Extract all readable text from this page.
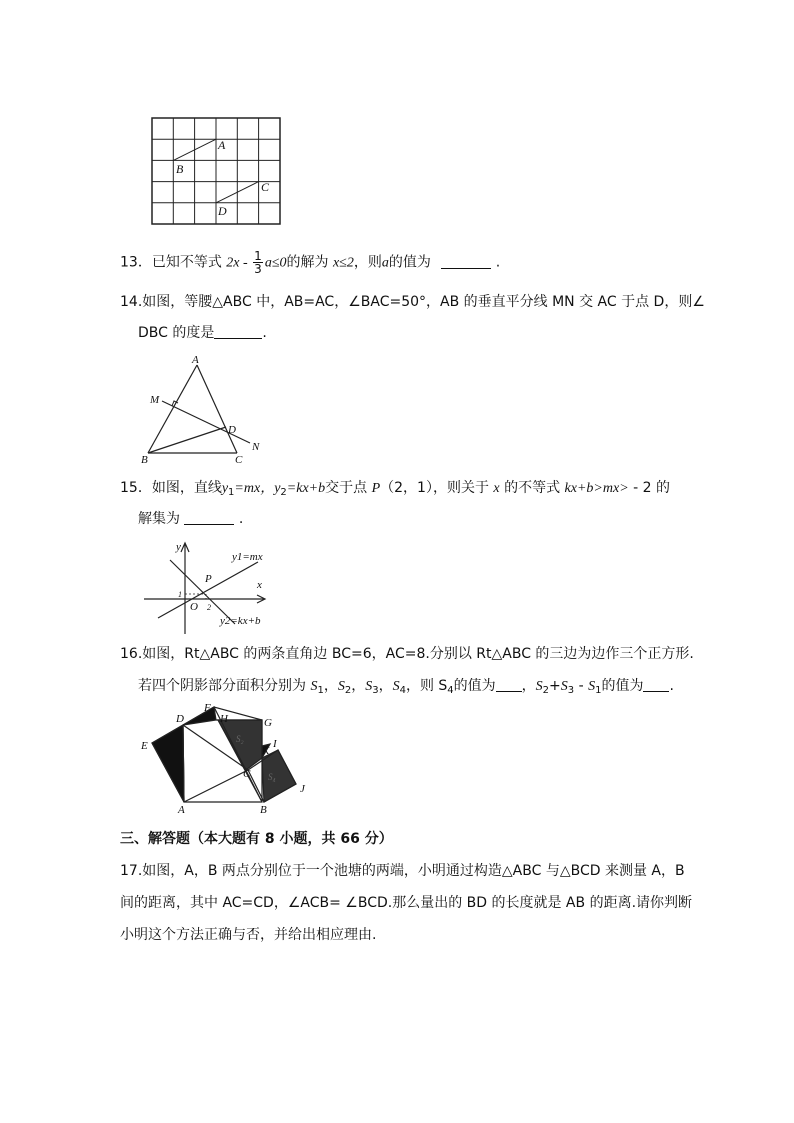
A
B
C
D
13．已知不等式 $2x - \frac{1}{3} a\le 0$的解为 x≤2，则a的值为	.
14.如图，等腰△ABC 中，AB=AC，∠BAC=50°，AB 的垂直平分线 MN 交 AC 于点 D，则∠
DBC 的度是	.
A
M
D
N
B	C
15．如图，直线$y_1=mx$，$y_2=kx+b$交于点 P（2，1），则关于 x 的不等式 kx+b>mx> - 2 的
解集为	.
y
x
y1=mx
y2=kx+b
P
O
1
2
16.如图，Rt△ABC 的两条直角边 BC=6，AC=8.分别以 Rt△ABC 的三边为边作三个正方形.
若四个阴影部分面积分别为 $S_1$，$S_2$，$S_3$，$S_4$，则 $S_4$的值为 ，$S_2+S_3 - S_1$的值为 .
D
F
H	G
E	K
I
C
J
A	B
S₂
S₄
三、解答题（本大题有 8 小题，共 66 分）
17.如图，A，B 两点分别位于一个池塘的两端，小明通过构造△ABC 与△BCD 来测量 A，B
间的距离，其中 AC=CD，∠ACB= ∠BCD.那么量出的 BD 的长度就是 AB 的距离.请你判断
小明这个方法正确与否，并给出相应理由.
